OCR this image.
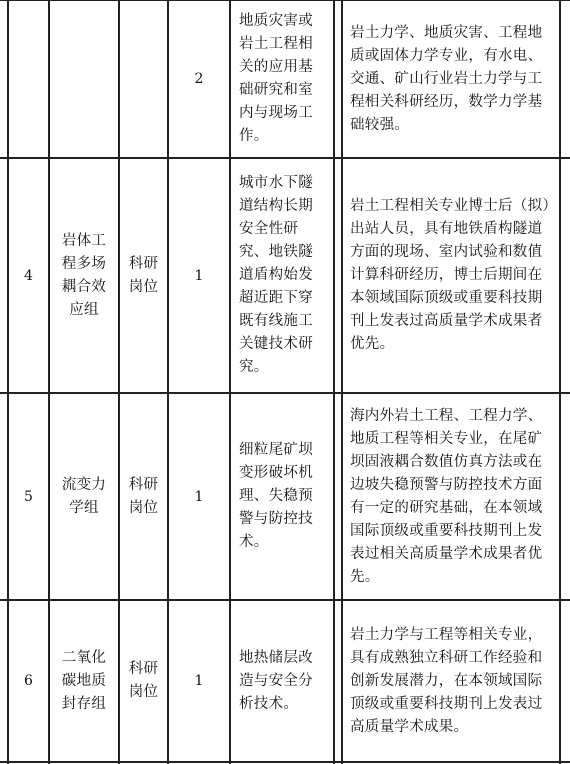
2
地质灾害或岩土工程相关的应用基础研究和室内与现场工作。
岩土力学、地质灾害、工程地质或固体力学专业，有水电、交通、矿山行业岩土力学与工程相关科研经历，数学力学基础较强。
4
岩体工程多场耦合效应组
科研岗位
1
城市水下隧道结构长期安全性研究、地铁隧道盾构始发超近距下穿既有线施工关键技术研究。
岩土工程相关专业博士后（拟）出站人员，具有地铁盾构隧道方面的现场、室内试验和数值计算科研经历，博士后期间在本领域国际顶级或重要科技期刊上发表过高质量学术成果者优先。
5
流变力学组
科研岗位
1
细粒尾矿坝变形破坏机理、失稳预警与防控技术。
海内外岩土工程、工程力学、地质工程等相关专业，在尾矿坝固液耦合数值仿真方法或在边坡失稳预警与防控技术方面有一定的研究基础，在本领域国际顶级或重要科技期刊上发表过相关高质量学术成果者优先。
6
二氧化碳地质封存组
科研岗位
1
地热储层改造与安全分析技术。
岩土力学与工程等相关专业，具有成熟独立科研工作经验和创新发展潜力，在本领域国际顶级或重要科技期刊上发表过高质量学术成果。
